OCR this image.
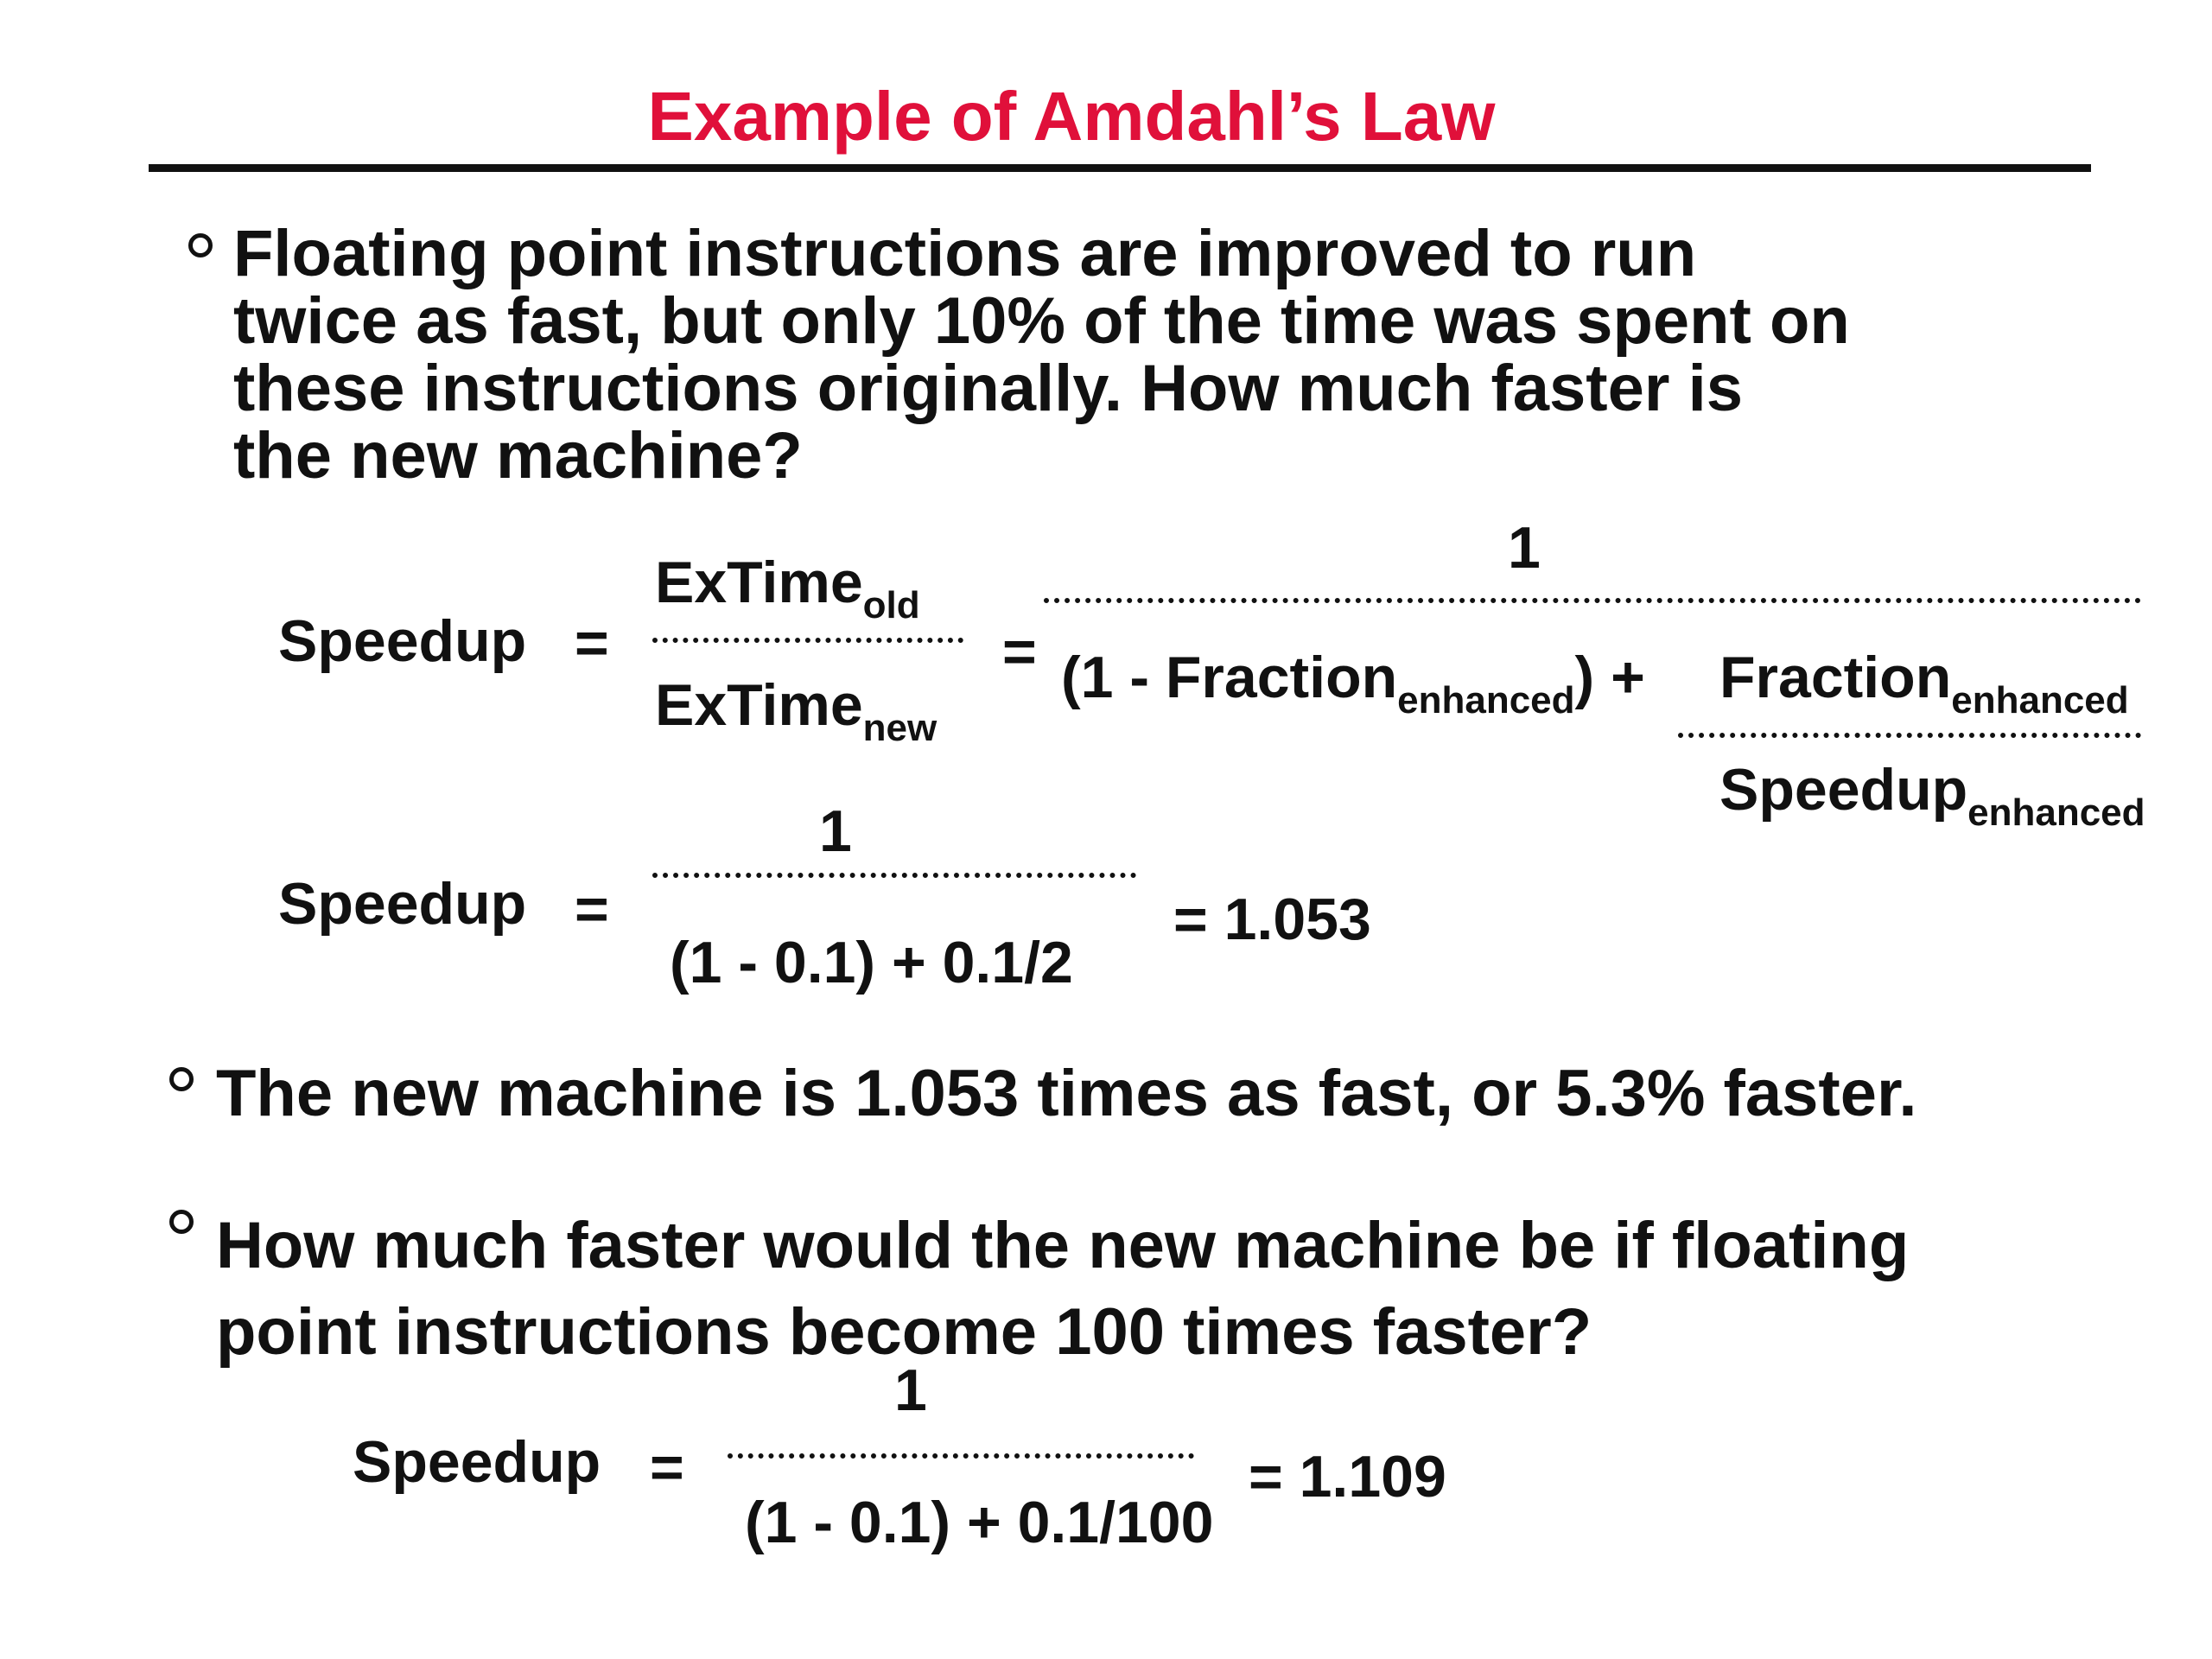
Example of Amdahl’s Law
Floating point instructions are improved to run
twice as fast, but only 10% of the time was spent on
these instructions originally. How much faster is
the new machine?
Speedup =
ExTime$_{old}$
ExTime$_{new}$
=
1
(1 - Fraction$_{enhanced}$) + Fraction$_{enhanced}$
Speedup$_{enhanced}$
Speedup =
1
(1 - 0.1) + 0.1/2
= 1.053
The new machine is 1.053 times as fast, or 5.3% faster.
How much faster would the new machine be if floating
point instructions become 100 times faster?
Speedup =
1
(1 - 0.1) + 0.1/100
= 1.109
